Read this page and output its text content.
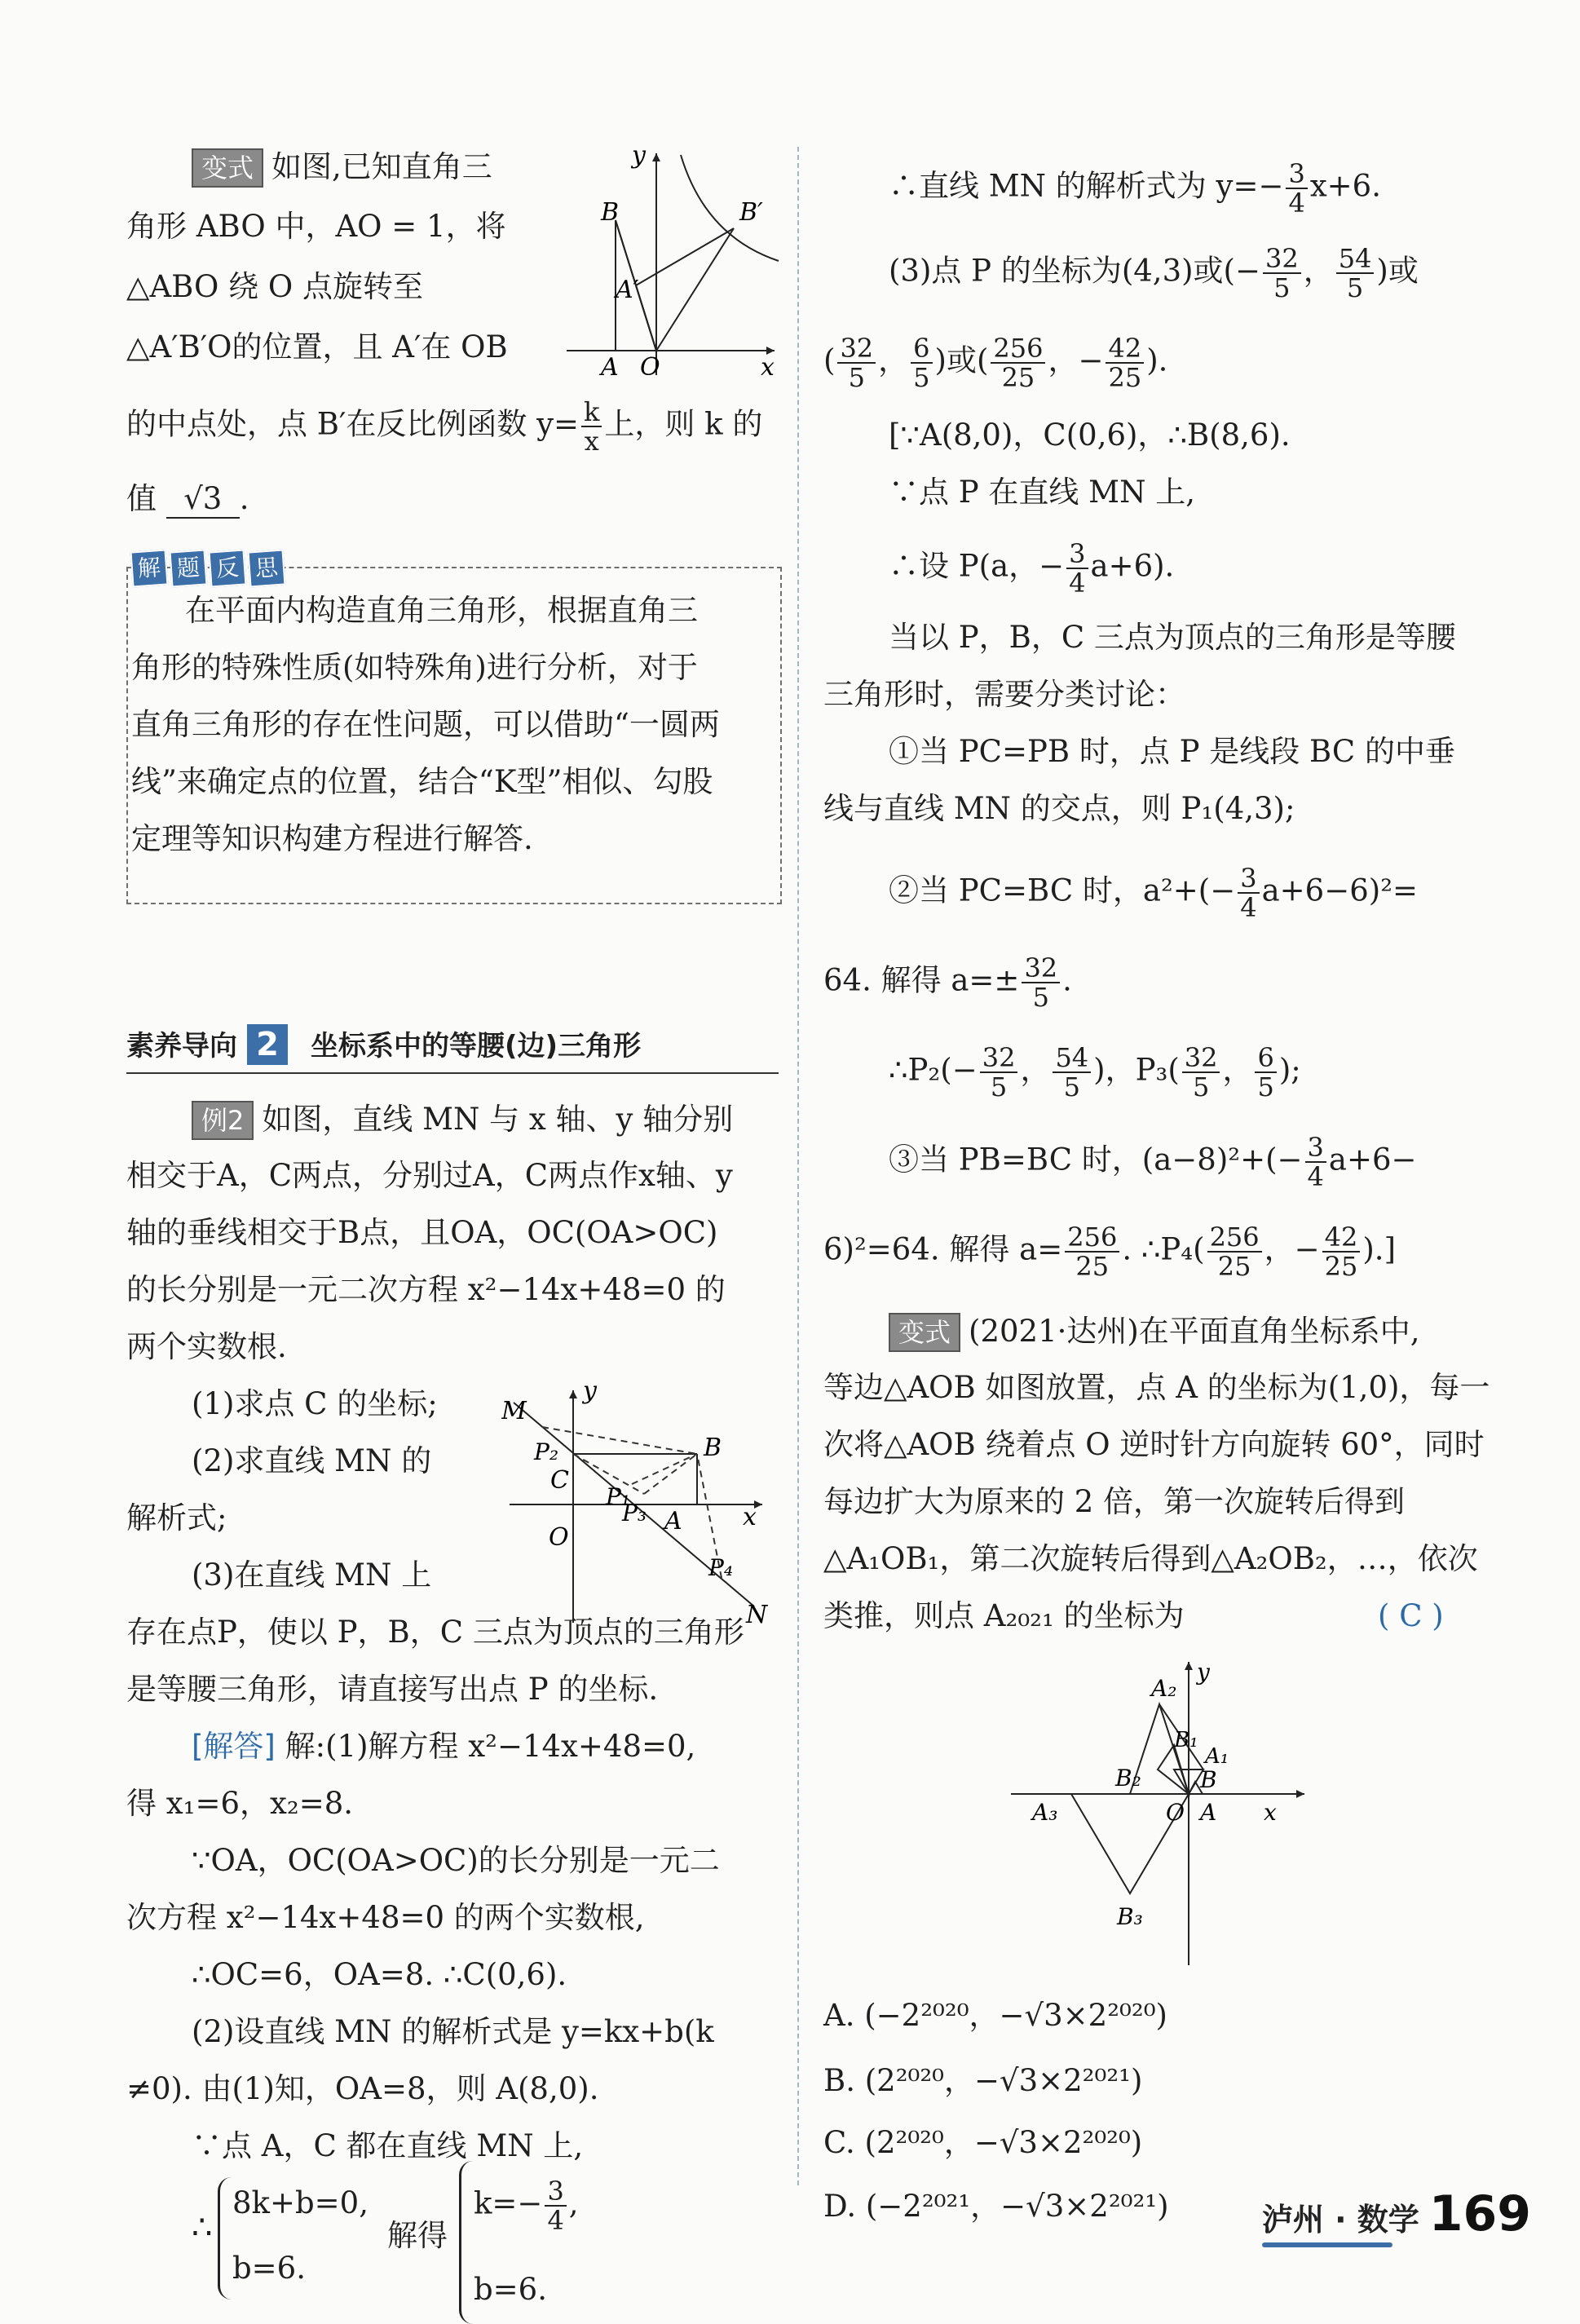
变式 如图,已知直角三
角形 ABO 中，AO = 1，将
△ABO 绕 O 点旋转至
△A′B′O的位置，且 A′在 OB
的中点处，点 B′在反比例函数 $y= \frac{k}{x}$ 上，则 k 的
值 √3 .
y
B	B′
A′
A O	x
解 题 反 思
在平面内构造直角三角形，根据直角三
角形的特殊性质(如特殊角)进行分析，对于
直角三角形的存在性问题，可以借助“一圆两
线”来确定点的位置，结合“K型”相似、勾股
定理等知识构建方程进行解答.
素养导向 2 坐标系中的等腰(边)三角形
例2 如图，直线 MN 与 x 轴、y 轴分别
相交于A，C两点，分别过A，C两点作x轴、y
轴的垂线相交于B点，且OA，OC(OA>OC)
的长分别是一元二次方程 x²−14x+48=0 的
两个实数根.
(1)求点 C 的坐标;
(2)求直线 MN 的
解析式;
(3)在直线 MN 上
存在点P，使以 P，B，C 三点为顶点的三角形
是等腰三角形，请直接写出点 P 的坐标.
y
M
P₂	B
C
P₁
P₃ A x
O
P₄
N
[解答] 解:(1)解方程 x²−14x+48=0,
得 x₁=6，x₂=8.
∵OA，OC(OA>OC)的长分别是一元二
次方程 x²−14x+48=0 的两个实数根,
∴OC=6，OA=8. ∴C(0,6).
(2)设直线 MN 的解析式是 y=kx+b(k
≠0). 由(1)知，OA=8，则 A(8,0).
∵点 A，C 都在直线 MN 上,
∴
8k+b=0,
b=6.
解得
$k=- \frac{3}{4}$ ,
b=6.
∴直线 MN 的解析式为 $y=- \frac{3}{4} x+6$.
(3)点 P 的坐标为(4,3)或(− $\frac{32}{5}$ ， $\frac{54}{5}$ )或
( $\frac{32}{5}$ ， $\frac{6}{5}$ )或( $\frac{256}{25}$ ，− $\frac{42}{25}$ ).
[∵A(8,0)，C(0,6)，∴B(8,6).
∵点 P 在直线 MN 上,
∴设 P(a，− $\frac{3}{4} a+6$).
当以 P，B，C 三点为顶点的三角形是等腰
三角形时，需要分类讨论：
①当 PC=PB 时，点 P 是线段 BC 的中垂
线与直线 MN 的交点，则 P₁(4,3);
②当 PC=BC 时，$a^2+(- \frac{3}{4} a+6-6)^2=$
64. 解得 $a=\pm \frac{32}{5}$ .
∴P₂(− $\frac{32}{5}$ ， $\frac{54}{5}$ )，$P_3( \frac{32}{5}$ ， $\frac{6}{5}$ );
③当 PB=BC 时，$(a-8)^2+(- \frac{3}{4} a+6-$
6)²=64. 解得 $a= \frac{256}{25}$ . ∴P₄( $\frac{256}{25}$ ，− $\frac{42}{25}$ ).]
变式 (2021·达州)在平面直角坐标系中,
等边△AOB 如图放置，点 A 的坐标为(1,0)，每一
次将△AOB 绕着点 O 逆时针方向旋转 60°，同时
每边扩大为原来的 2 倍，第一次旋转后得到
△A₁OB₁，第二次旋转后得到△A₂OB₂，…，依次
类推，则点 A₂₀₂₁ 的坐标为	( C )
A₂
y
B₁
A₁
B₂	B
A₃	O A x
B₃
A. (−2²⁰²⁰，−√3×2²⁰²⁰)
B. (2²⁰²⁰，−√3×2²⁰²¹)
C. (2²⁰²⁰，−√3×2²⁰²⁰)
D. (−2²⁰²¹，−√3×2²⁰²¹)	泸州 · 数学 169
